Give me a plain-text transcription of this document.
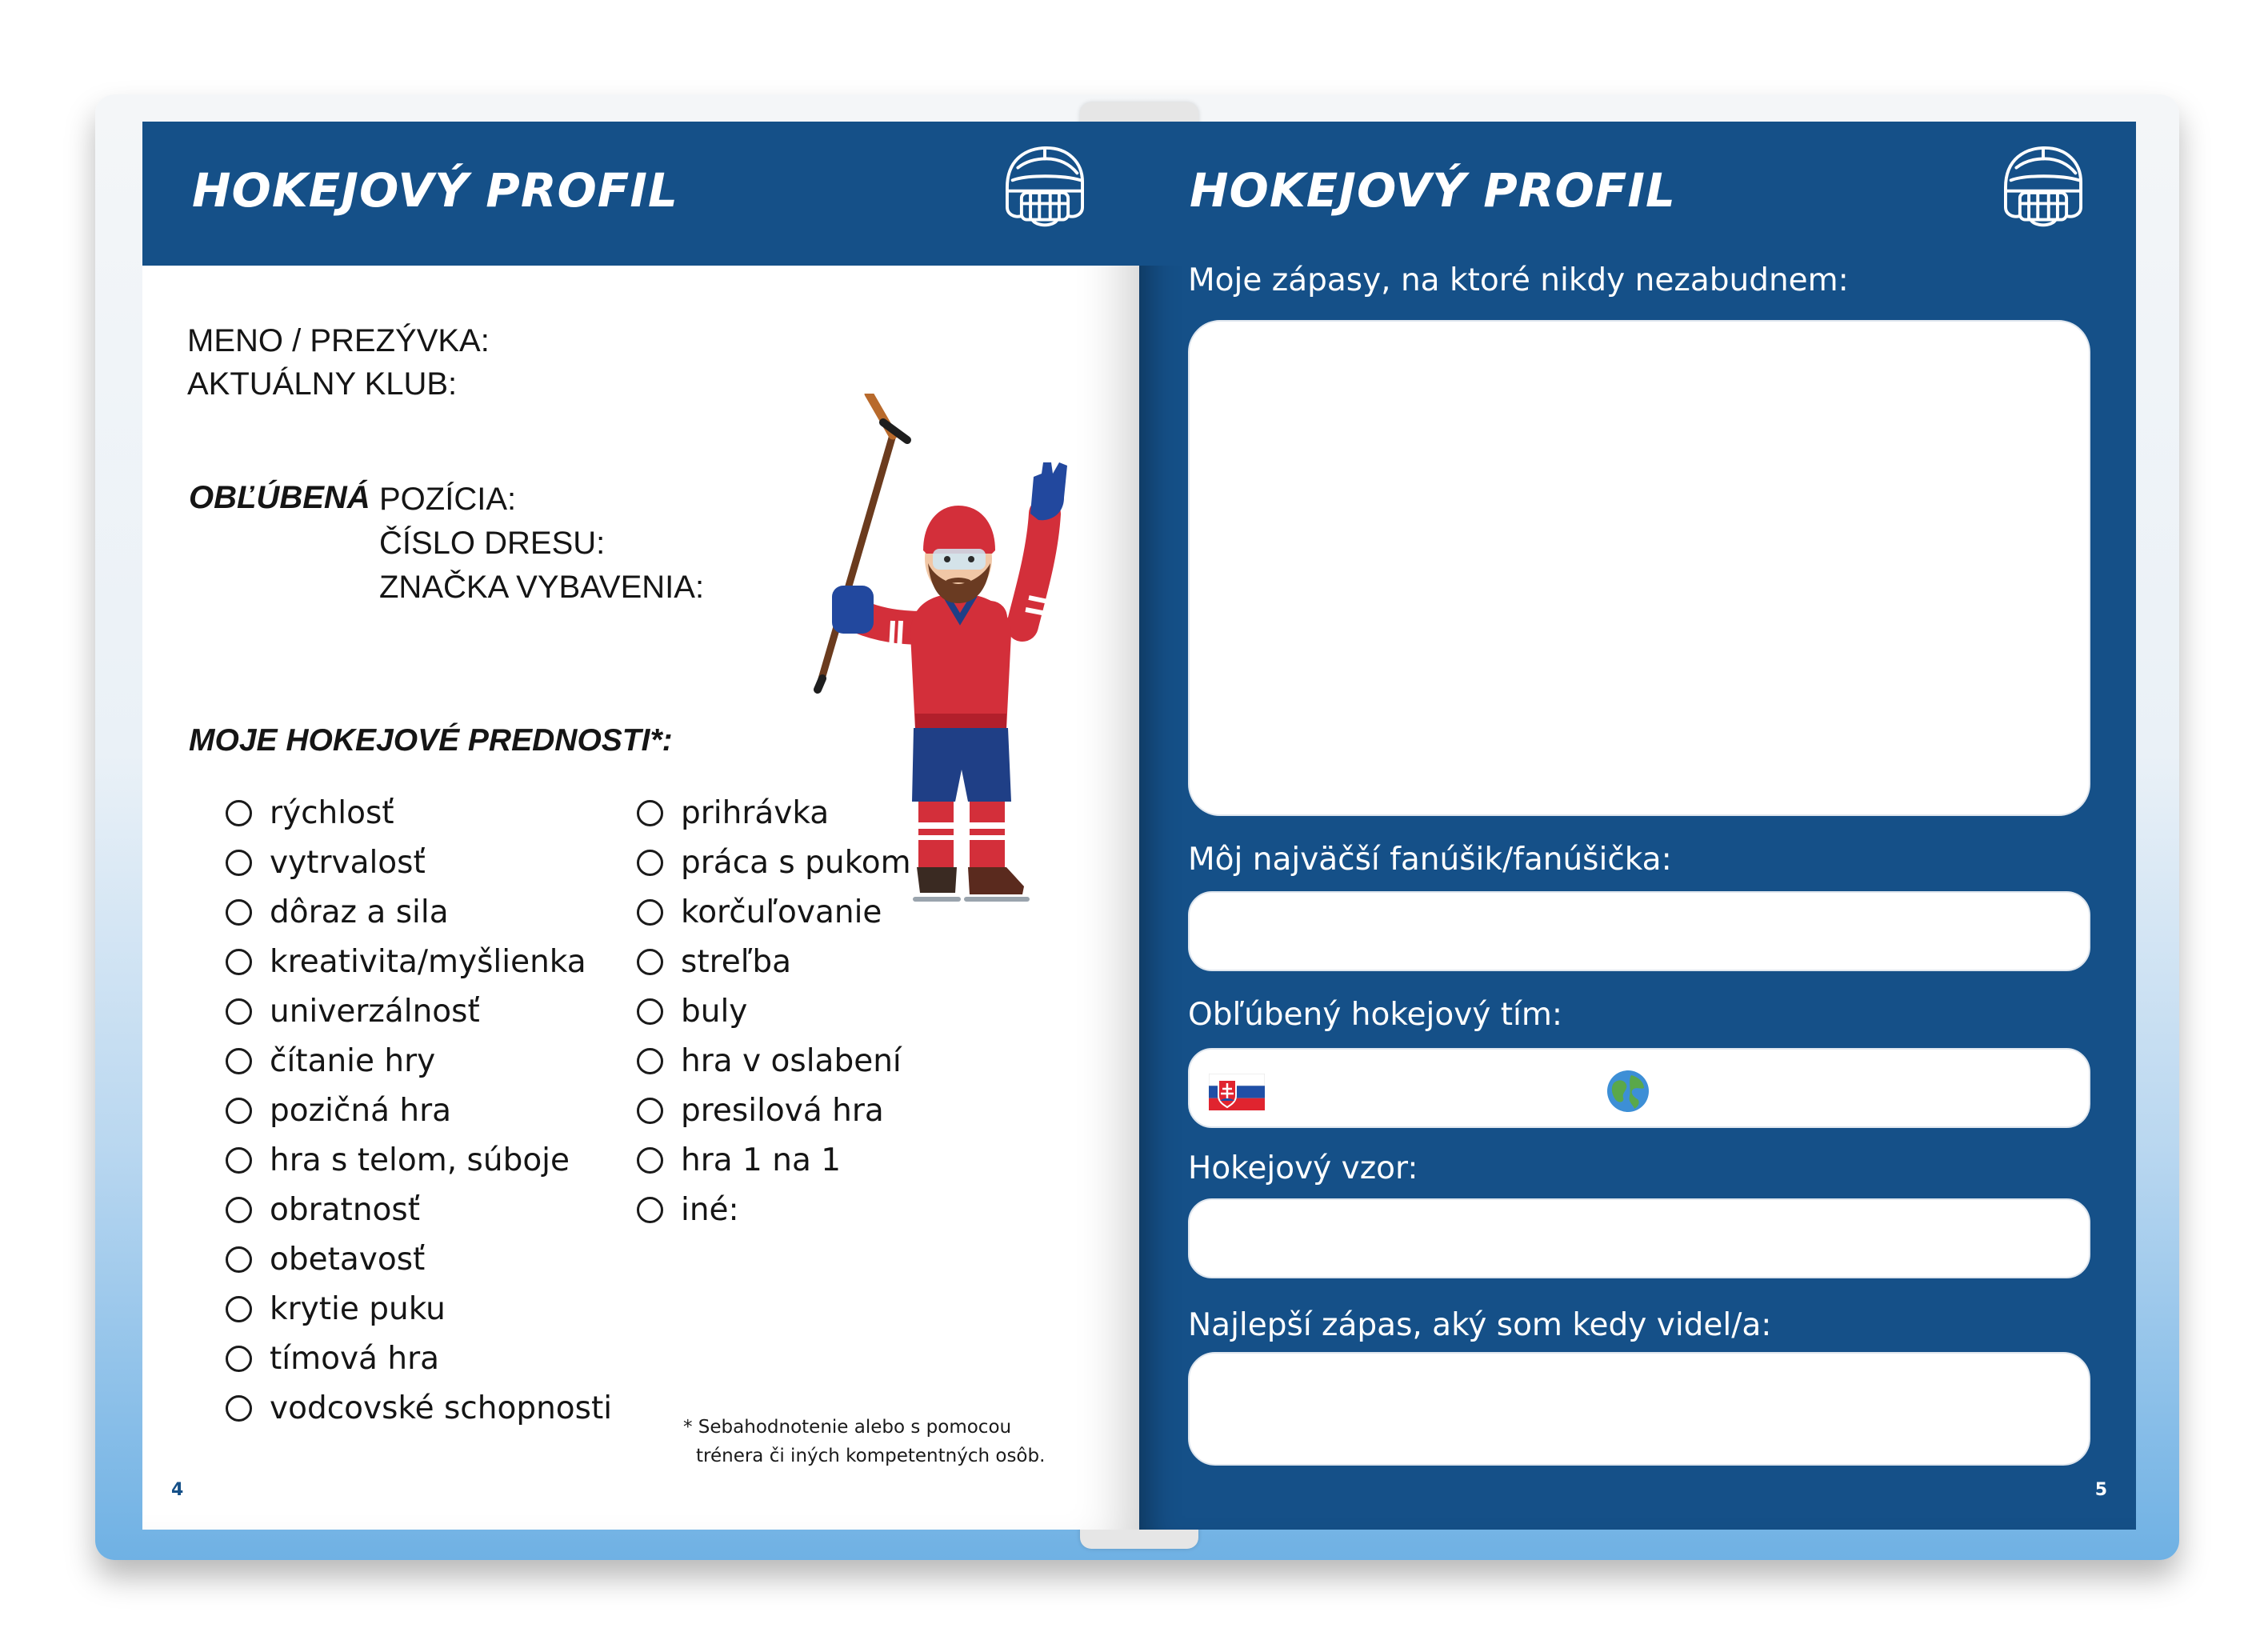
HOKEJOVÝ PROFIL

MENO / PREZÝVKA:

AKTUÁLNY KLUB:

OBĽÚBENÁ POZÍCIA:

ČÍSLO DRESU:

ZNAČKA VYBAVENIA:

MOJE HOKEJOVÉ PREDNOSTI*:

rýchlosť
vytrvalosť
dôraz a sila
kreativita/myšlienka
univerzálnosť
čítanie hry
pozičná hra
hra s telom, súboje
obratnosť
obetavosť
krytie puku
tímová hra
vodcovské schopnosti
prihrávka
práca s pukom
korčuľovanie
streľba
buly
hra v oslabení
presilová hra
hra 1 na 1
iné:
* Sebahodnotenie alebo s pomocou
trénera či iných kompetentných osôb.
4
HOKEJOVÝ PROFIL

Moje zápasy, na ktoré nikdy nezabudnem:

Môj najväčší fanúšik/fanúšička:

Obľúbený hokejový tím:

Hokejový vzor:

Najlepší zápas, aký som kedy videl/a:

5
